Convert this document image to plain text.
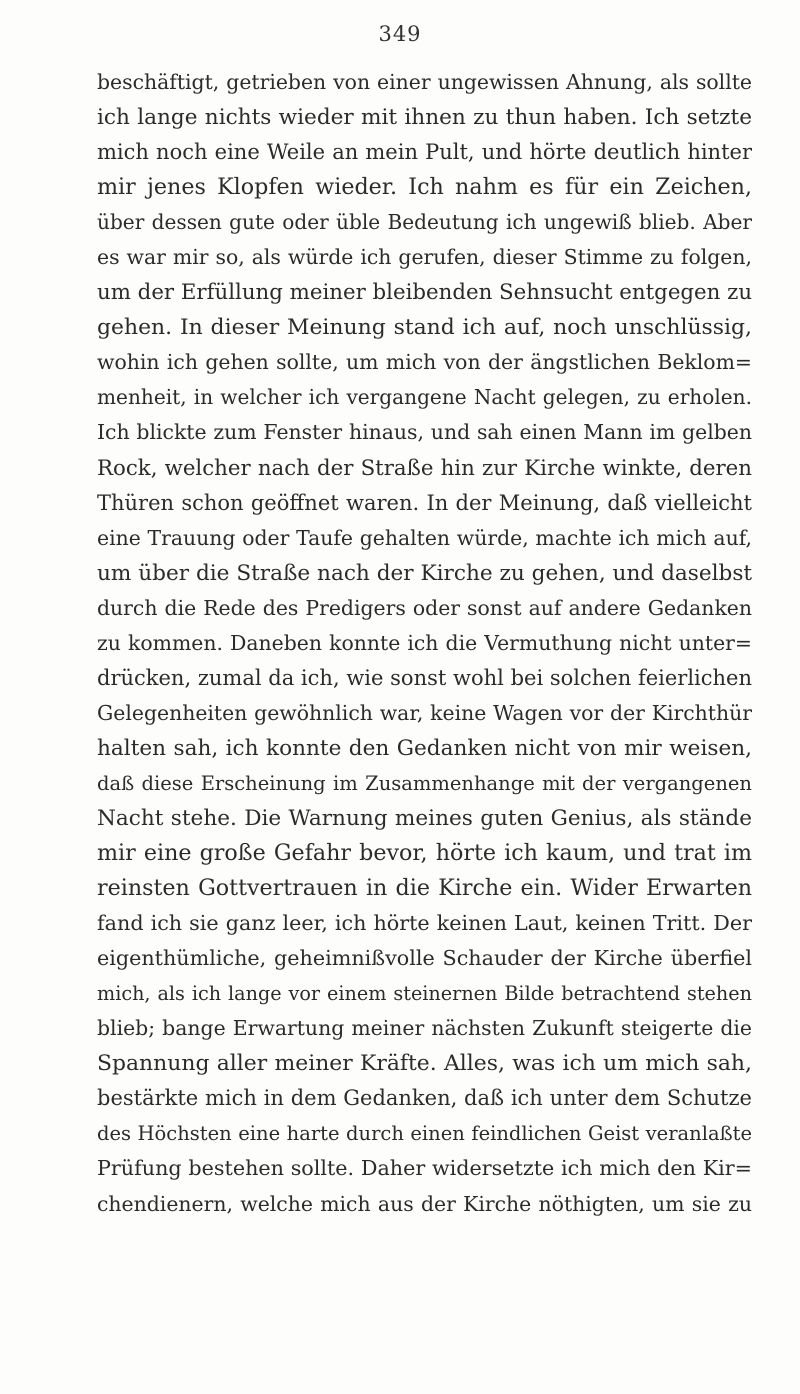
349
beschäftigt, getrieben von einer ungewissen Ahnung, als sollte
ich lange nichts wieder mit ihnen zu thun haben. Ich setzte
mich noch eine Weile an mein Pult, und hörte deutlich hinter
mir jenes Klopfen wieder. Ich nahm es für ein Zeichen,
über dessen gute oder üble Bedeutung ich ungewiß blieb. Aber
es war mir so, als würde ich gerufen, dieser Stimme zu folgen,
um der Erfüllung meiner bleibenden Sehnsucht entgegen zu
gehen. In dieser Meinung stand ich auf, noch unschlüssig,
wohin ich gehen sollte, um mich von der ängstlichen Beklom=
menheit, in welcher ich vergangene Nacht gelegen, zu erholen.
Ich blickte zum Fenster hinaus, und sah einen Mann im gelben
Rock, welcher nach der Straße hin zur Kirche winkte, deren
Thüren schon geöffnet waren. In der Meinung, daß vielleicht
eine Trauung oder Taufe gehalten würde, machte ich mich auf,
um über die Straße nach der Kirche zu gehen, und daselbst
durch die Rede des Predigers oder sonst auf andere Gedanken
zu kommen. Daneben konnte ich die Vermuthung nicht unter=
drücken, zumal da ich, wie sonst wohl bei solchen feierlichen
Gelegenheiten gewöhnlich war, keine Wagen vor der Kirchthür
halten sah, ich konnte den Gedanken nicht von mir weisen,
daß diese Erscheinung im Zusammenhange mit der vergangenen
Nacht stehe. Die Warnung meines guten Genius, als stände
mir eine große Gefahr bevor, hörte ich kaum, und trat im
reinsten Gottvertrauen in die Kirche ein. Wider Erwarten
fand ich sie ganz leer, ich hörte keinen Laut, keinen Tritt. Der
eigenthümliche, geheimnißvolle Schauder der Kirche überfiel
mich, als ich lange vor einem steinernen Bilde betrachtend stehen
blieb; bange Erwartung meiner nächsten Zukunft steigerte die
Spannung aller meiner Kräfte. Alles, was ich um mich sah,
bestärkte mich in dem Gedanken, daß ich unter dem Schutze
des Höchsten eine harte durch einen feindlichen Geist veranlaßte
Prüfung bestehen sollte. Daher widersetzte ich mich den Kir=
chendienern, welche mich aus der Kirche nöthigten, um sie zu
